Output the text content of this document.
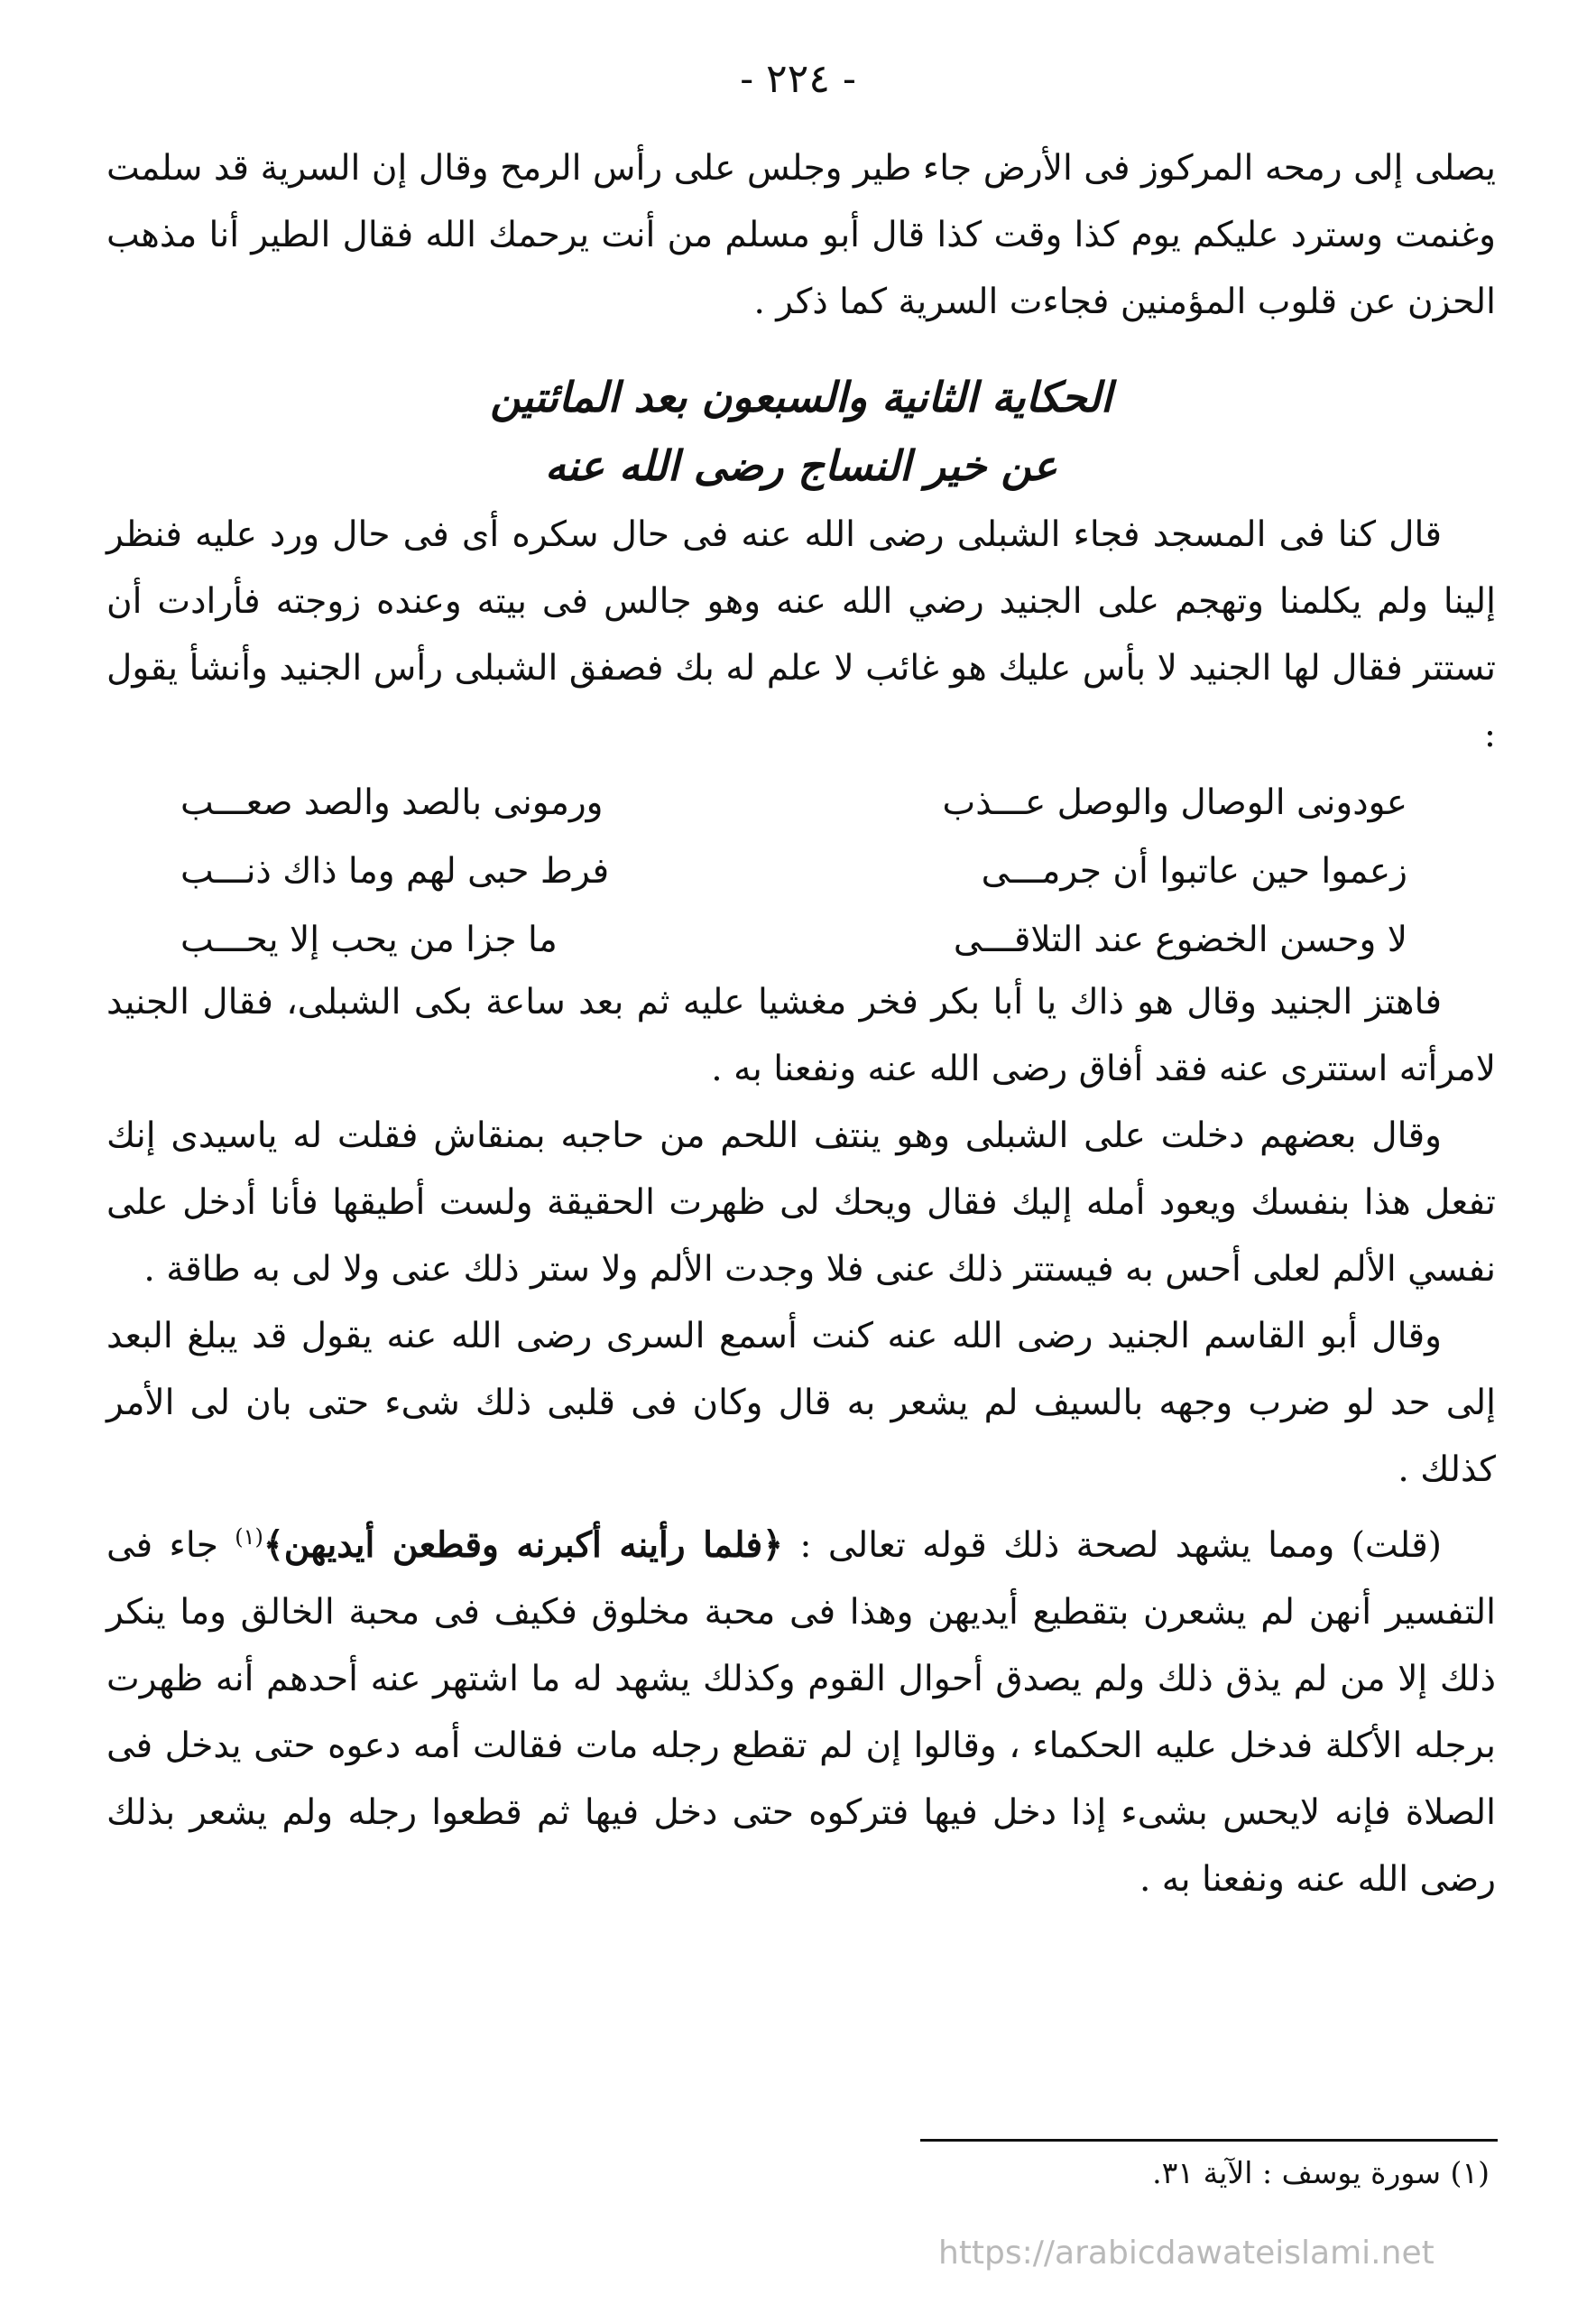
- ٢٢٤ -

يصلى إلى رمحه المركوز فى الأرض جاء طير وجلس على رأس الرمح وقال إن السرية قد سلمت وغنمت وسترد عليكم يوم كذا وقت كذا قال أبو مسلم من أنت يرحمك الله فقال الطير أنا مذهب الحزن عن قلوب المؤمنين فجاءت السرية كما ذكر .

الحكاية الثانية والسبعون بعد المائتين

عن خير النساج رضى الله عنه

قال كنا فى المسجد فجاء الشبلى رضى الله عنه فى حال سكره أى فى حال ورد عليه فنظر إلينا ولم يكلمنا وتهجم على الجنيد رضي الله عنه وهو جالس فى بيته وعنده زوجته فأرادت أن تستتر فقال لها الجنيد لا بأس عليك هو غائب لا علم له بك فصفق الشبلى رأس الجنيد وأنشأ يقول :

عودونى الوصال والوصل عـــذب
ورمونى بالصد والصد صعـــب
زعموا حين عاتبوا أن جرمـــى
فرط حبى لهم وما ذاك ذنـــب
لا وحسن الخضوع عند التلاقـــى
ما جزا من يحب إلا يحـــب

فاهتز الجنيد وقال هو ذاك يا أبا بكر فخر مغشيا عليه ثم بعد ساعة بكى الشبلى، فقال الجنيد لامرأته استترى عنه فقد أفاق رضى الله عنه ونفعنا به .

وقال بعضهم دخلت على الشبلى وهو ينتف اللحم من حاجبه بمنقاش فقلت له ياسيدى إنك تفعل هذا بنفسك ويعود أمله إليك فقال ويحك لى ظهرت الحقيقة ولست أطيقها فأنا أدخل على نفسي الألم لعلى أحس به فيستتر ذلك عنى فلا وجدت الألم ولا ستر ذلك عنى ولا لى به طاقة .

وقال أبو القاسم الجنيد رضى الله عنه كنت أسمع السرى رضى الله عنه يقول قد يبلغ البعد إلى حد لو ضرب وجهه بالسيف لم يشعر به قال وكان فى قلبى ذلك شىء حتى بان لى الأمر كذلك .

(قلت) ومما يشهد لصحة ذلك قوله تعالى : ﴿فلما رأينه أكبرنه وقطعن أيديهن﴾$^{(١)}$ جاء فى التفسير أنهن لم يشعرن بتقطيع أيديهن وهذا فى محبة مخلوق فكيف فى محبة الخالق وما ينكر ذلك إلا من لم يذق ذلك ولم يصدق أحوال القوم وكذلك يشهد له ما اشتهر عنه أحدهم أنه ظهرت برجله الأكلة فدخل عليه الحكماء ، وقالوا إن لم تقطع رجله مات فقالت أمه دعوه حتى يدخل فى الصلاة فإنه لايحس بشىء إذا دخل فيها فتركوه حتى دخل فيها ثم قطعوا رجله ولم يشعر بذلك رضى الله عنه ونفعنا به .

(١) سورة يوسف : الآية ٣١.
https://arabicdawateislami.net
